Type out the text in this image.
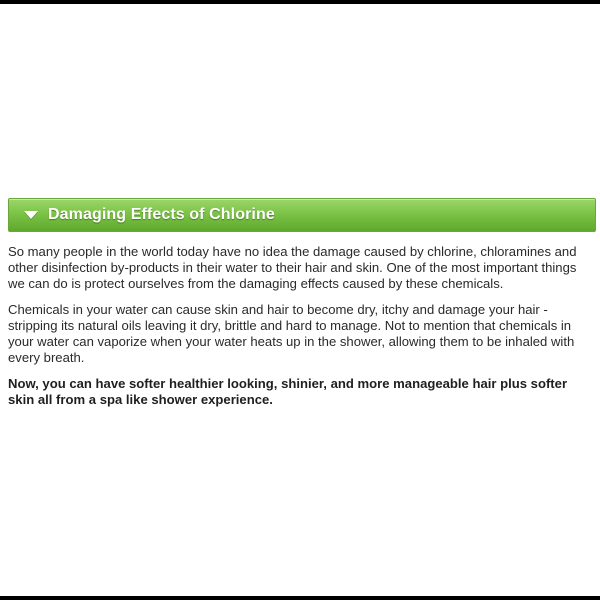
Damaging Effects of Chlorine

So many people in the world today have no idea the damage caused by chlorine, chloramines and other disinfection by-products in their water to their hair and skin. One of the most important things we can do is protect ourselves from the damaging effects caused by these chemicals.

Chemicals in your water can cause skin and hair to become dry, itchy and damage your hair - stripping its natural oils leaving it dry, brittle and hard to manage. Not to mention that chemicals in your water can vaporize when your water heats up in the shower, allowing them to be inhaled with every breath.

Now, you can have softer healthier looking, shinier, and more manageable hair plus softer skin all from a spa like shower experience.
